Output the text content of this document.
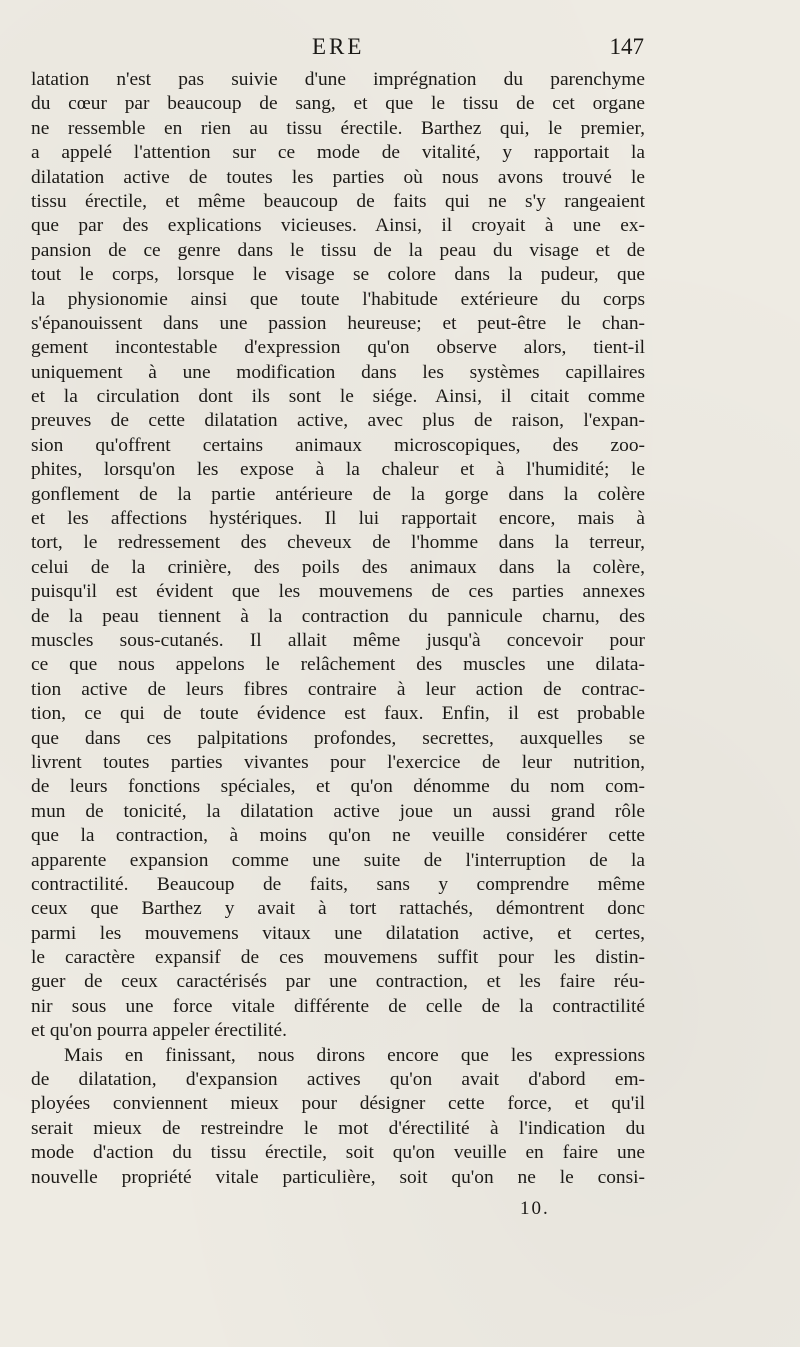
ERE	147
latation n'est pas suivie d'une imprégnation du parenchyme
du cœur par beaucoup de sang, et que le tissu de cet organe
ne ressemble en rien au tissu érectile. Barthez qui, le premier,
a appelé l'attention sur ce mode de vitalité, y rapportait la
dilatation active de toutes les parties où nous avons trouvé le
tissu érectile, et même beaucoup de faits qui ne s'y rangeaient
que par des explications vicieuses. Ainsi, il croyait à une ex-
pansion de ce genre dans le tissu de la peau du visage et de
tout le corps, lorsque le visage se colore dans la pudeur, que
la physionomie ainsi que toute l'habitude extérieure du corps
s'épanouissent dans une passion heureuse; et peut-être le chan-
gement incontestable d'expression qu'on observe alors, tient-il
uniquement à une modification dans les systèmes capillaires
et la circulation dont ils sont le siége. Ainsi, il citait comme
preuves de cette dilatation active, avec plus de raison, l'expan-
sion qu'offrent certains animaux microscopiques, des zoo-
phites, lorsqu'on les expose à la chaleur et à l'humidité; le
gonflement de la partie antérieure de la gorge dans la colère
et les affections hystériques. Il lui rapportait encore, mais à
tort, le redressement des cheveux de l'homme dans la terreur,
celui de la crinière, des poils des animaux dans la colère,
puisqu'il est évident que les mouvemens de ces parties annexes
de la peau tiennent à la contraction du pannicule charnu, des
muscles sous-cutanés. Il allait même jusqu'à concevoir pour
ce que nous appelons le relâchement des muscles une dilata-
tion active de leurs fibres contraire à leur action de contrac-
tion, ce qui de toute évidence est faux. Enfin, il est probable
que dans ces palpitations profondes, secrettes, auxquelles se
livrent toutes parties vivantes pour l'exercice de leur nutrition,
de leurs fonctions spéciales, et qu'on dénomme du nom com-
mun de tonicité, la dilatation active joue un aussi grand rôle
que la contraction, à moins qu'on ne veuille considérer cette
apparente expansion comme une suite de l'interruption de la
contractilité. Beaucoup de faits, sans y comprendre même
ceux que Barthez y avait à tort rattachés, démontrent donc
parmi les mouvemens vitaux une dilatation active, et certes,
le caractère expansif de ces mouvemens suffit pour les distin-
guer de ceux caractérisés par une contraction, et les faire réu-
nir sous une force vitale différente de celle de la contractilité
et qu'on pourra appeler érectilité.
Mais en finissant, nous dirons encore que les expressions
de dilatation, d'expansion actives qu'on avait d'abord em-
ployées conviennent mieux pour désigner cette force, et qu'il
serait mieux de restreindre le mot d'érectilité à l'indication du
mode d'action du tissu érectile, soit qu'on veuille en faire une
nouvelle propriété vitale particulière, soit qu'on ne le consi-
10.
